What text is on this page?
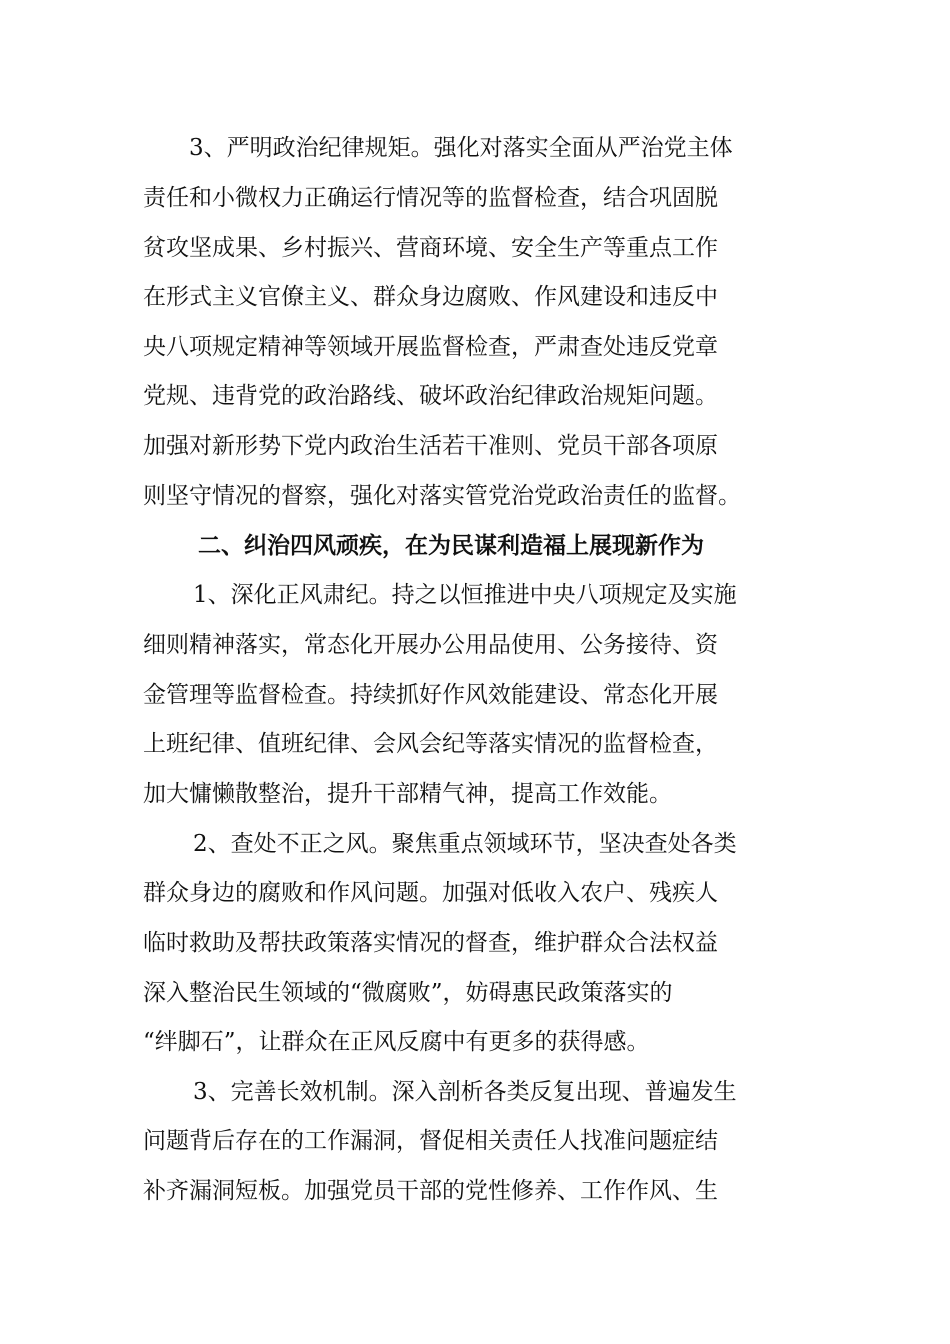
3、严明政治纪律规矩。强化对落实全面从严治党主体
责任和小微权力正确运行情况等的监督检查，结合巩固脱
贫攻坚成果、乡村振兴、营商环境、安全生产等重点工作
在形式主义官僚主义、群众身边腐败、作风建设和违反中
央八项规定精神等领域开展监督检查，严肃查处违反党章
党规、违背党的政治路线、破坏政治纪律政治规矩问题。
加强对新形势下党内政治生活若干准则、党员干部各项原
则坚守情况的督察，强化对落实管党治党政治责任的监督。
二、纠治四风顽疾，在为民谋利造福上展现新作为
1、深化正风肃纪。持之以恒推进中央八项规定及实施
细则精神落实，常态化开展办公用品使用、公务接待、资
金管理等监督检查。持续抓好作风效能建设、常态化开展
上班纪律、值班纪律、会风会纪等落实情况的监督检查，
加大慵懒散整治，提升干部精气神，提高工作效能。
2、查处不正之风。聚焦重点领域环节，坚决查处各类
群众身边的腐败和作风问题。加强对低收入农户、残疾人
临时救助及帮扶政策落实情况的督查，维护群众合法权益
深入整治民生领域的“微腐败”，妨碍惠民政策落实的
“绊脚石”，让群众在正风反腐中有更多的获得感。
3、完善长效机制。深入剖析各类反复出现、普遍发生
问题背后存在的工作漏洞，督促相关责任人找准问题症结
补齐漏洞短板。加强党员干部的党性修养、工作作风、生
